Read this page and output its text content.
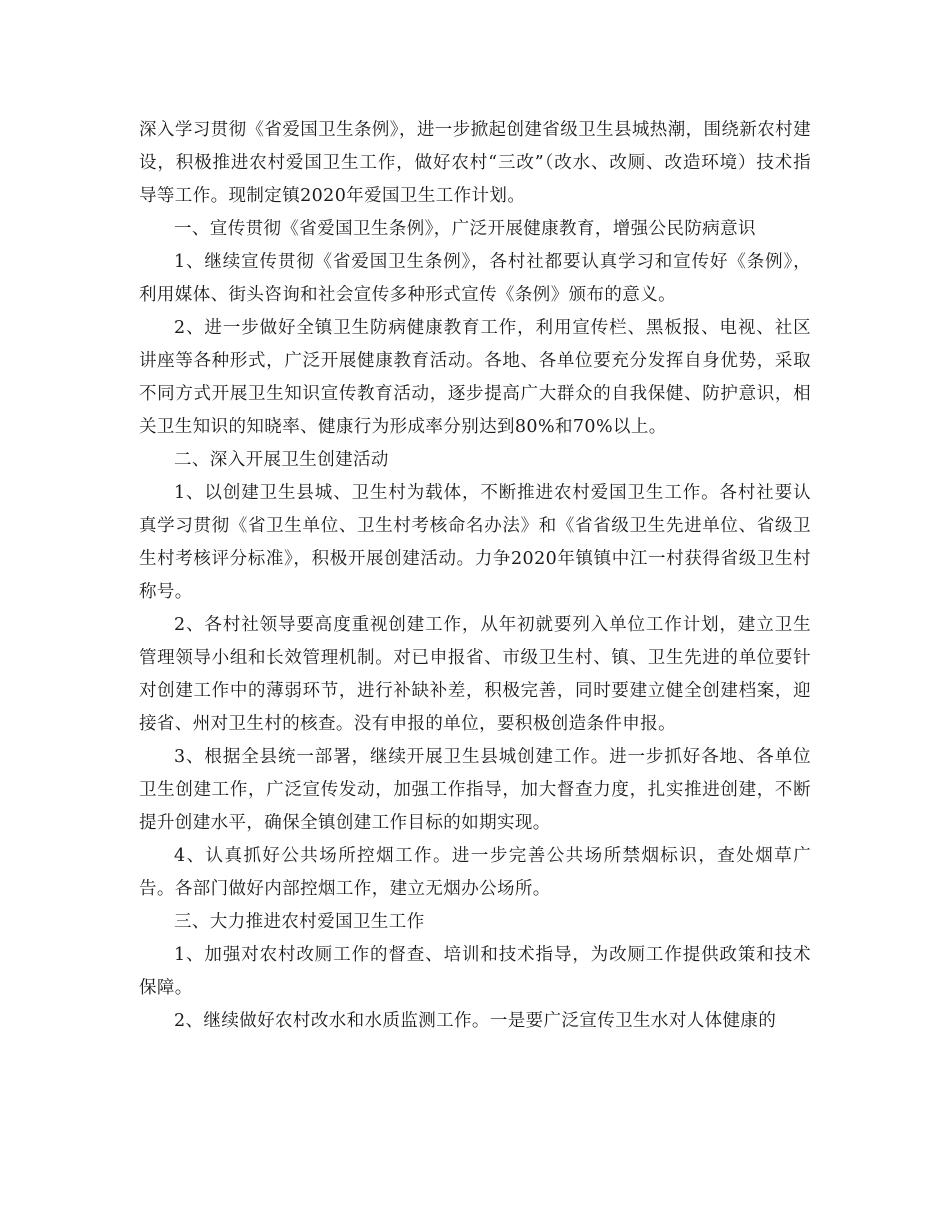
深入学习贯彻《省爱国卫生条例》，进一步掀起创建省级卫生县城热潮，围绕新农村建设，积极推进农村爱国卫生工作，做好农村“三改”（改水、改厕、改造环境）技术指导等工作。现制定镇2020年爱国卫生工作计划。

一、宣传贯彻《省爱国卫生条例》，广泛开展健康教育，增强公民防病意识

1、继续宣传贯彻《省爱国卫生条例》，各村社都要认真学习和宣传好《条例》，利用媒体、街头咨询和社会宣传多种形式宣传《条例》颁布的意义。

2、进一步做好全镇卫生防病健康教育工作，利用宣传栏、黑板报、电视、社区讲座等各种形式，广泛开展健康教育活动。各地、各单位要充分发挥自身优势，采取不同方式开展卫生知识宣传教育活动，逐步提高广大群众的自我保健、防护意识，相关卫生知识的知晓率、健康行为形成率分别达到80%和70%以上。

二、深入开展卫生创建活动

1、以创建卫生县城、卫生村为载体，不断推进农村爱国卫生工作。各村社要认真学习贯彻《省卫生单位、卫生村考核命名办法》和《省省级卫生先进单位、省级卫生村考核评分标准》，积极开展创建活动。力争2020年镇镇中江一村获得省级卫生村称号。

2、各村社领导要高度重视创建工作，从年初就要列入单位工作计划，建立卫生管理领导小组和长效管理机制。对已申报省、市级卫生村、镇、卫生先进的单位要针对创建工作中的薄弱环节，进行补缺补差，积极完善，同时要建立健全创建档案，迎接省、州对卫生村的核查。没有申报的单位，要积极创造条件申报。

3、根据全县统一部署，继续开展卫生县城创建工作。进一步抓好各地、各单位卫生创建工作，广泛宣传发动，加强工作指导，加大督查力度，扎实推进创建，不断提升创建水平，确保全镇创建工作目标的如期实现。

4、认真抓好公共场所控烟工作。进一步完善公共场所禁烟标识，查处烟草广告。各部门做好内部控烟工作，建立无烟办公场所。

三、大力推进农村爱国卫生工作

1、加强对农村改厕工作的督查、培训和技术指导，为改厕工作提供政策和技术保障。

2、继续做好农村改水和水质监测工作。一是要广泛宣传卫生水对人体健康的
